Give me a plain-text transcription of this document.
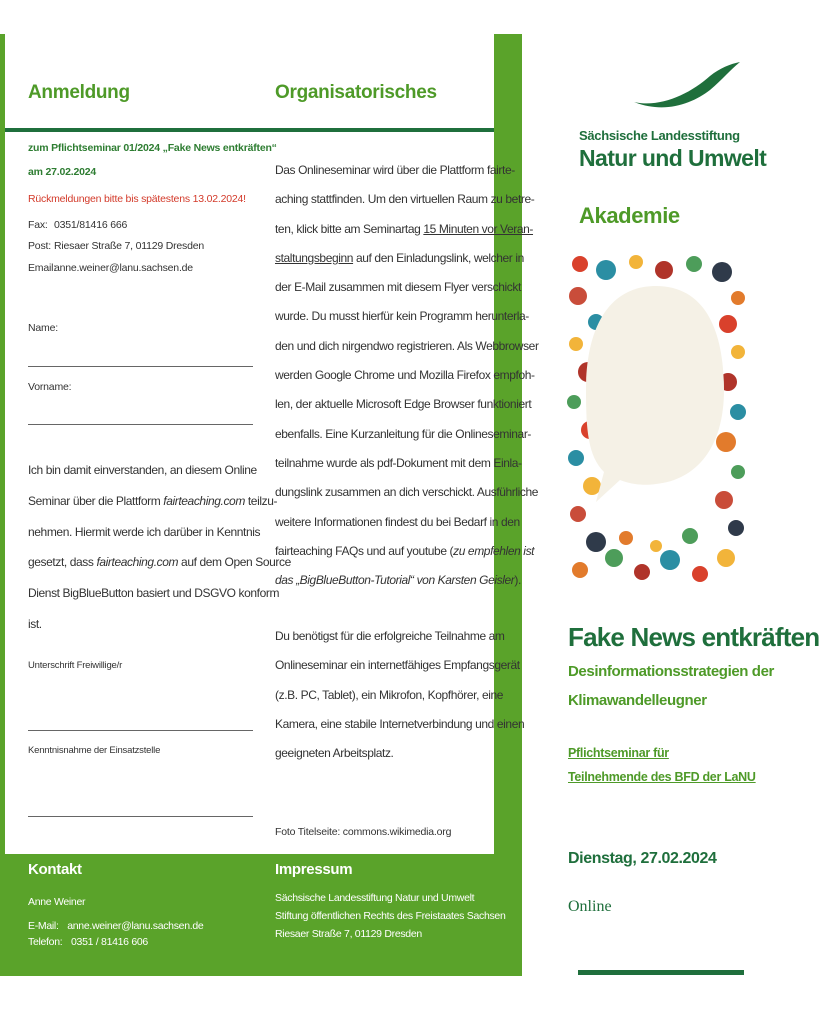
Anmeldung
zum Pflichtseminar 01/2024 „Fake News entkräften“
am 27.02.2024
Rückmeldungen bitte bis spätestens 13.02.2024!
Fax: 0351/81416 666
Post: Riesaer Straße 7, 01129 Dresden
Email:
anne.weiner@lanu.sachsen.de
Name:
Vorname:

Ich bin damit einverstanden, an diesem Online

Seminar über die Plattform fairteaching.com teilzu-

nehmen. Hiermit werde ich darüber in Kenntnis

gesetzt, dass fairteaching.com auf dem Open Source

Dienst BigBlueButton basiert und DSGVO konform

ist.

Unterschrift Freiwillige/r
Kenntnisnahme der Einsatzstelle
Organisatorisches

Das Onlineseminar wird über die Plattform fairte-

aching stattfinden. Um den virtuellen Raum zu betre-

ten, klick bitte am Seminartag 15 Minuten vor Veran-

staltungsbeginn auf den Einladungslink, welcher in

der E-Mail zusammen mit diesem Flyer verschickt

wurde. Du musst hierfür kein Programm herunterla-

den und dich nirgendwo registrieren. Als Webbrowser

werden Google Chrome und Mozilla Firefox empfoh-

len, der aktuelle Microsoft Edge Browser funktioniert

ebenfalls. Eine Kurzanleitung für die Onlineseminar-

teilnahme wurde als pdf-Dokument mit dem Einla-

dungslink zusammen an dich verschickt. Ausführliche

weitere Informationen findest du bei Bedarf in den

fairteaching FAQs und auf youtube (zu empfehlen ist

das „BigBlueButton-Tutorial“ von Karsten Geisler).

Du benötigst für die erfolgreiche Teilnahme am

Onlineseminar ein internetfähiges Empfangsgerät

(z.B. PC, Tablet), ein Mikrofon, Kopfhörer, eine

Kamera, eine stabile Internetverbindung und einen

geeigneten Arbeitsplatz.

Foto Titelseite: commons.wikimedia.org
Kontakt
Anne Weiner
E-Mail: anne.weiner@lanu.sachsen.de
Telefon: 0351 / 81416 606
Impressum
Sächsische Landesstiftung Natur und Umwelt
Stiftung öffentlichen Rechts des Freistaates Sachsen
Riesaer Straße 7, 01129 Dresden
Sächsische Landesstiftung
Natur und Umwelt
Akademie
Fake News entkräften
Desinformationsstrategien der
Klimawandelleugner
Pflichtseminar für
Teilnehmende des BFD der LaNU
Dienstag, 27.02.2024
Online
